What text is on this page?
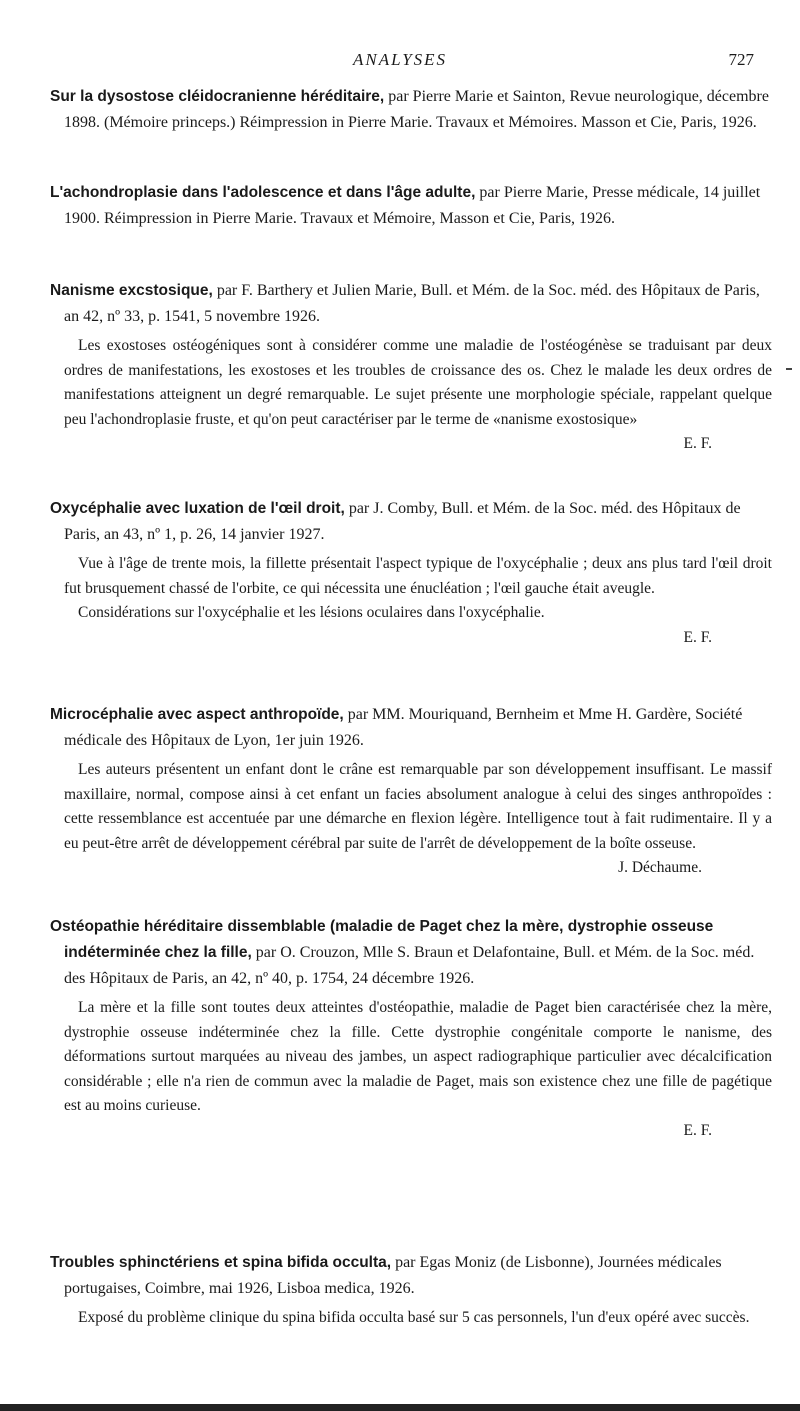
ANALYSES	727

Sur la dysostose cléidocranienne héréditaire, par Pierre Marie et Sainton, Revue neurologique, décembre 1898. (Mémoire princeps.) Réimpression in Pierre Marie. Travaux et Mémoires. Masson et Cie, Paris, 1926.

L'achondroplasie dans l'adolescence et dans l'âge adulte, par Pierre Marie, Presse médicale, 14 juillet 1900. Réimpression in Pierre Marie. Travaux et Mémoire, Masson et Cie, Paris, 1926.

Nanisme excstosique, par F. Barthery et Julien Marie, Bull. et Mém. de la Soc. méd. des Hôpitaux de Paris, an 42, nº 33, p. 1541, 5 novembre 1926.

Les exostoses ostéogéniques sont à considérer comme une maladie de l'ostéogénèse se traduisant par deux ordres de manifestations, les exostoses et les troubles de croissance des os. Chez le malade les deux ordres de manifestations atteignent un degré remarquable. Le sujet présente une morphologie spéciale, rappelant quelque peu l'achondroplasie fruste, et qu'on peut caractériser par le terme de «nanisme exostosique»

E. F.

Oxycéphalie avec luxation de l'œil droit, par J. Comby, Bull. et Mém. de la Soc. méd. des Hôpitaux de Paris, an 43, nº 1, p. 26, 14 janvier 1927.

Vue à l'âge de trente mois, la fillette présentait l'aspect typique de l'oxycéphalie ; deux ans plus tard l'œil droit fut brusquement chassé de l'orbite, ce qui nécessita une énucléation ; l'œil gauche était aveugle.

Considérations sur l'oxycéphalie et les lésions oculaires dans l'oxycéphalie.

E. F.

Microcéphalie avec aspect anthropoïde, par MM. Mouriquand, Bernheim et Mme H. Gardère, Société médicale des Hôpitaux de Lyon, 1er juin 1926.

Les auteurs présentent un enfant dont le crâne est remarquable par son développement insuffisant. Le massif maxillaire, normal, compose ainsi à cet enfant un facies absolument analogue à celui des singes anthropoïdes : cette ressemblance est accentuée par une démarche en flexion légère. Intelligence tout à fait rudimentaire. Il y a eu peut-être arrêt de développement cérébral par suite de l'arrêt de développement de la boîte osseuse.

J. Déchaume.

Ostéopathie héréditaire dissemblable (maladie de Paget chez la mère, dystrophie osseuse indéterminée chez la fille, par O. Crouzon, Mlle S. Braun et Delafontaine, Bull. et Mém. de la Soc. méd. des Hôpitaux de Paris, an 42, nº 40, p. 1754, 24 décembre 1926.

La mère et la fille sont toutes deux atteintes d'ostéopathie, maladie de Paget bien caractérisée chez la mère, dystrophie osseuse indéterminée chez la fille. Cette dystrophie congénitale comporte le nanisme, des déformations surtout marquées au niveau des jambes, un aspect radiographique particulier avec décalcification considérable ; elle n'a rien de commun avec la maladie de Paget, mais son existence chez une fille de pagétique est au moins curieuse.

E. F.

Troubles sphinctériens et spina bifida occulta, par Egas Moniz (de Lisbonne), Journées médicales portugaises, Coimbre, mai 1926, Lisboa medica, 1926.

Exposé du problème clinique du spina bifida occulta basé sur 5 cas personnels, l'un d'eux opéré avec succès.
